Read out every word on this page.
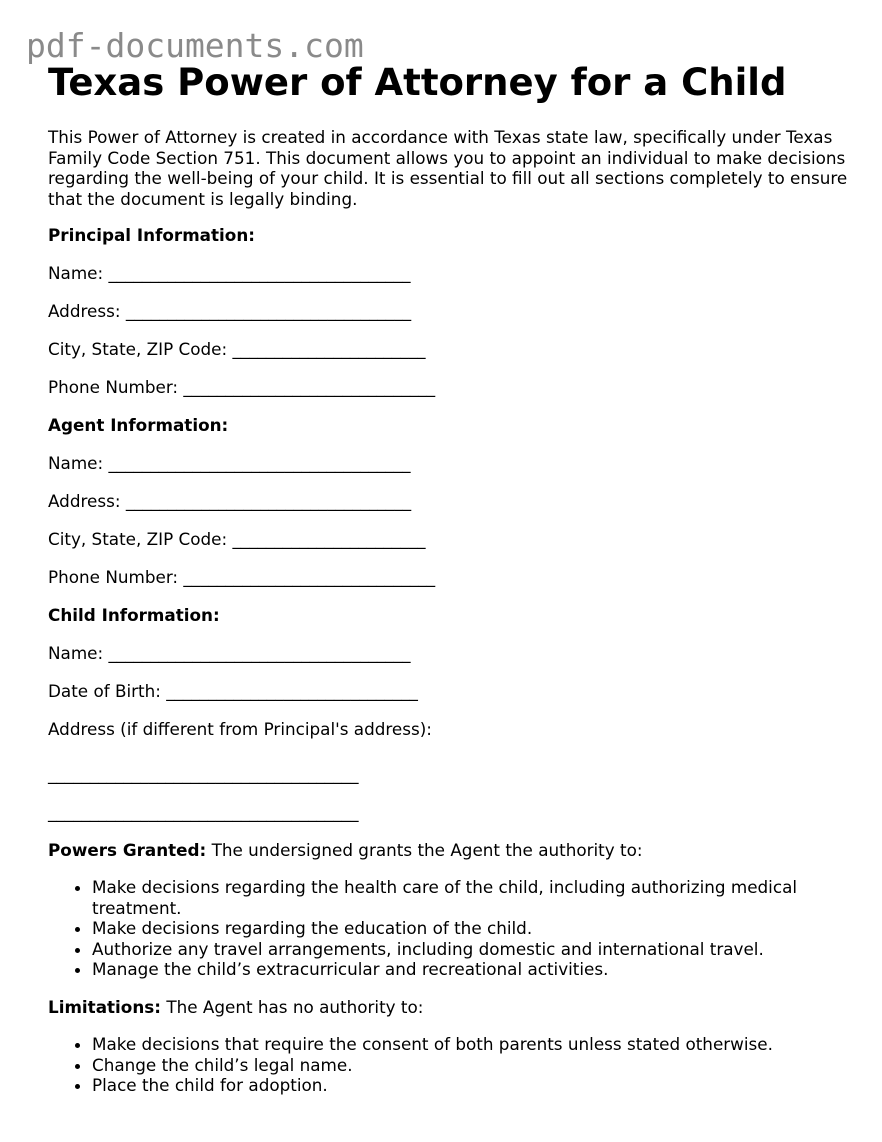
pdf-documents.com
Texas Power of Attorney for a Child

This Power of Attorney is created in accordance with Texas state law, specifically under Texas Family Code Section 751. This document allows you to appoint an individual to make decisions regarding the well-being of your child. It is essential to fill out all sections completely to ensure that the document is legally binding.

Principal Information:

Name: ____________________________________

Address: __________________________________

City, State, ZIP Code: _______________________

Phone Number: ______________________________

Agent Information:

Name: ____________________________________

Address: __________________________________

City, State, ZIP Code: _______________________

Phone Number: ______________________________

Child Information:

Name: ____________________________________

Date of Birth: ______________________________

Address (if different from Principal's address):

_____________________________________

_____________________________________

Powers Granted: The undersigned grants the Agent the authority to:

• Make decisions regarding the health care of the child, including authorizing medical treatment.
• Make decisions regarding the education of the child.
• Authorize any travel arrangements, including domestic and international travel.
• Manage the child’s extracurricular and recreational activities.

Limitations: The Agent has no authority to:

• Make decisions that require the consent of both parents unless stated otherwise.
• Change the child’s legal name.
• Place the child for adoption.
